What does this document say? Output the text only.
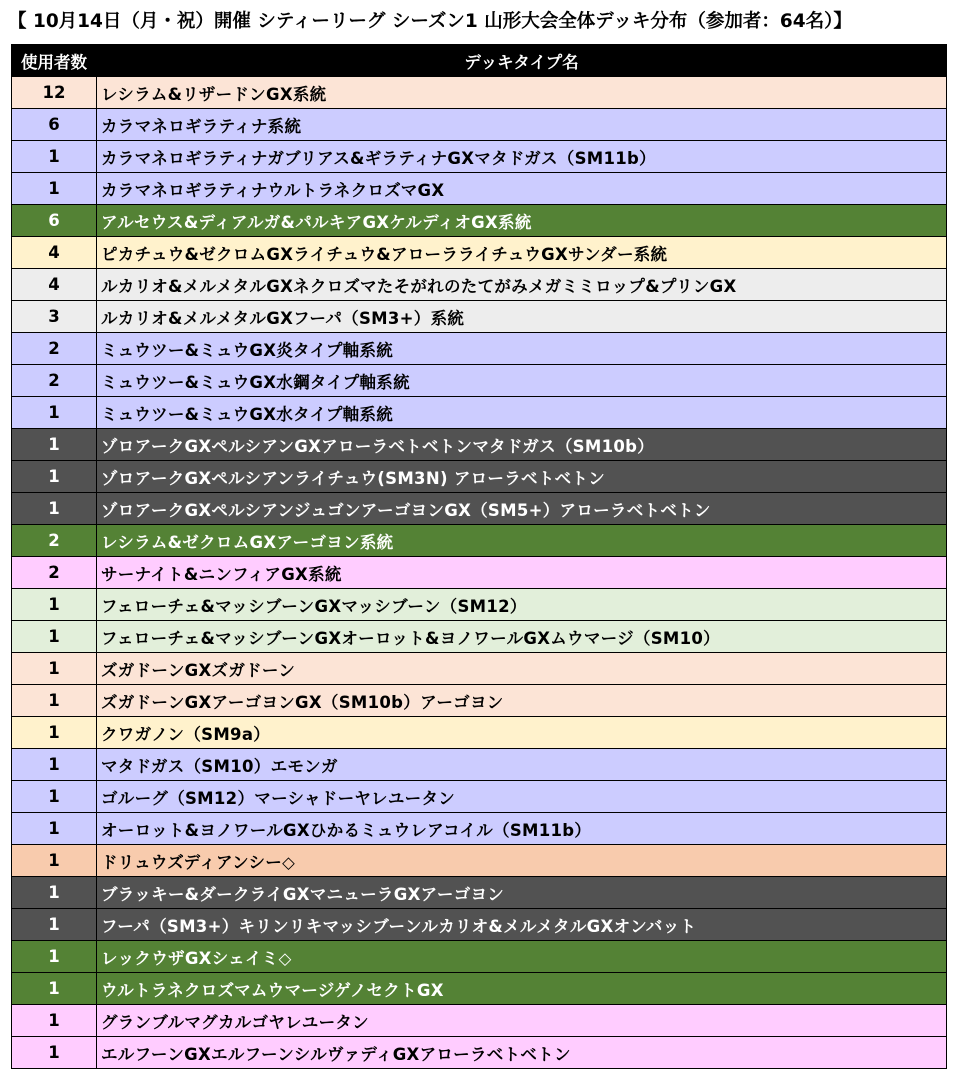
【 10月14日（月・祝）開催 シティーリーグ シーズン1 山形大会全体デッキ分布（参加者：64名）】
使用者数	デッキタイプ名
12	レシラム&リザードンGX系統
6	カラマネロギラティナ系統
1	カラマネロギラティナガブリアス&ギラティナGXマタドガス（SM11b）
1	カラマネロギラティナウルトラネクロズマGX
6	アルセウス&ディアルガ&パルキアGXケルディオGX系統
4	ピカチュウ&ゼクロムGXライチュウ&アローラライチュウGXサンダー系統
4	ルカリオ&メルメタルGXネクロズマたそがれのたてがみメガミミロップ&プリンGX
3	ルカリオ&メルメタルGXフーパ（SM3+）系統
2	ミュウツー&ミュウGX炎タイプ軸系統
2	ミュウツー&ミュウGX水鋼タイプ軸系統
1	ミュウツー&ミュウGX水タイプ軸系統
1	ゾロアークGXペルシアンGXアローラベトベトンマタドガス（SM10b）
1	ゾロアークGXペルシアンライチュウ(SM3N) アローラベトベトン
1	ゾロアークGXペルシアンジュゴンアーゴヨンGX（SM5+）アローラベトベトン
2	レシラム&ゼクロムGXアーゴヨン系統
2	サーナイト&ニンフィアGX系統
1	フェローチェ&マッシブーンGXマッシブーン（SM12）
1	フェローチェ&マッシブーンGXオーロット&ヨノワールGXムウマージ（SM10）
1	ズガドーンGXズガドーン
1	ズガドーンGXアーゴヨンGX（SM10b）アーゴヨン
1	クワガノン（SM9a）
1	マタドガス（SM10）エモンガ
1	ゴルーグ（SM12）マーシャドーヤレユータン
1	オーロット&ヨノワールGXひかるミュウレアコイル（SM11b）
1	ドリュウズディアンシー◇
1	ブラッキー&ダークライGXマニューラGXアーゴヨン
1	フーパ（SM3+）キリンリキマッシブーンルカリオ&メルメタルGXオンバット
1	レックウザGXシェイミ◇
1	ウルトラネクロズマムウマージゲノセクトGX
1	グランブルマグカルゴヤレユータン
1	エルフーンGXエルフーンシルヴァディGXアローラベトベトン
